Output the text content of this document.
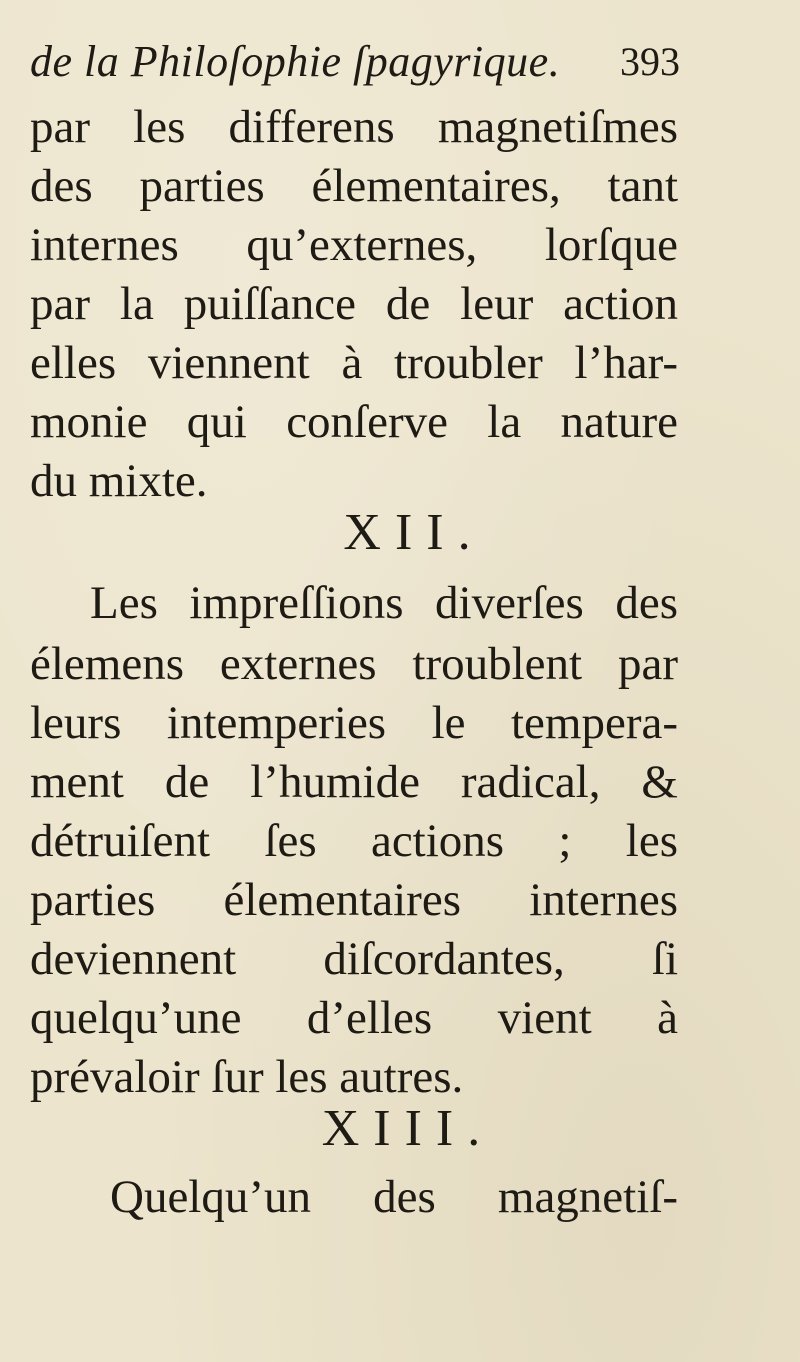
de la Philoſophie ſpagyrique. 393
par les differens magnetiſmes
des parties élementaires, tant
internes qu’externes, lorſque
par la puiſſance de leur action
elles viennent à troubler l’har-
monie qui conſerve la nature
du mixte.
XII.
Les impreſſions diverſes des
élemens externes troublent par
leurs intemperies le tempera-
ment de l’humide radical, &
détruiſent ſes actions ; les
parties élementaires internes
deviennent diſcordantes, ſi
quelqu’une d’elles vient à
prévaloir ſur les autres.
XIII.
Quelqu’un des magnetiſ-
